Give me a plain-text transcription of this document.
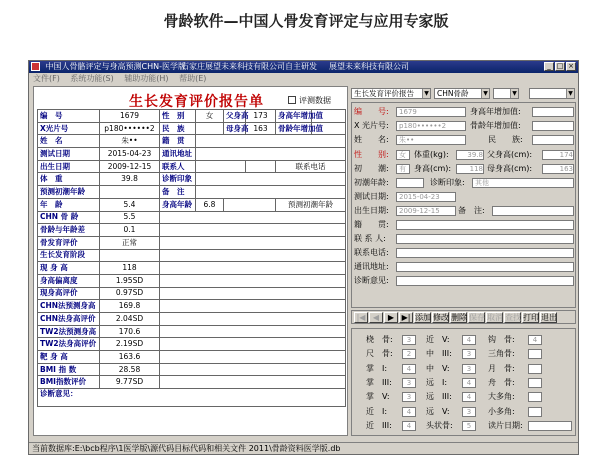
骨龄软件—中国人骨发育评定与应用专家版
中国人骨骼评定与身高预测CHN-医学版
石家庄展望未来科技有限公司自主研发 展望未来科技有限公司	_ □ ×
文件(F) 系统功能(S) 辅助功能(H) 帮助(E)
生长发育评价报告单	评测数据
编　号	1679	性　别	女	父身高	173	身高年增加值	
X光片号	p180••••••2	民　族		母身高	163	骨龄年增加值	
姓　名	朱••	籍　贯					
测试日期	2015-04-23	通讯地址					
出生日期	2009-12-15	联系人				联系电话	
体　重	39.8	诊断印象					
预测初潮年龄		备　注					
年　龄	5.4	身高年龄	6.8			预测初潮年龄	
CHN 骨 龄	5.5						
骨龄与年龄差	0.1						
骨发育评价	正常						
生长发育阶段							
现 身 高	118						
身高偏离度	1.95SD						
现身高评价	0.97SD						
CHN法预测身高	169.8						
CHN法身高评价	2.04SD						
TW2法预测身高	170.6						
TW2法身高评价	2.19SD						
靶 身 高	163.6						
BMI 指 数	28.58						
BMI指数评价	9.77SD						
诊断意见：							
生长发育评价报告	▼	CHN骨龄	▼	▼	▼
编　　号:	1679	身高年增加值:
X 光片号:	p180••••••2	骨龄年增加值:
姓　　名:	朱••	民　　族:
性　　别:	女	体重(kg):	39.8 父身高(cm):	174
初　　潮:	有	身高(cm):	118 母身高(cm):	163
初潮年龄:	诊断印象:	其他
测试日期:	2015-04-23
出生日期:	2009-12-15	备　注:
籍　　贯:
联 系 人:
联系电话:
通讯地址:
诊断意见:
|◀ ◀	▶ ▶| 添加 修改 删除 保存 取消 查找 打印 退出
桡　骨:	3	近　V:	4	钩　骨:	4
尺　骨:	2	中　III:	3	三角骨:
掌　I:	4	中　V:	3	月　骨:
掌　III:	3	远　I:	4	舟　骨:
掌　V:	3	远　III:	4	大多角:
近　I:	4	远　V:	3	小多角:
近　III:	4	头状骨:	5	读片日期:
当前数据库:E:\bcb程序\1医学版\源代码目标代码和相关文件 2011\骨龄资料医学版.db
